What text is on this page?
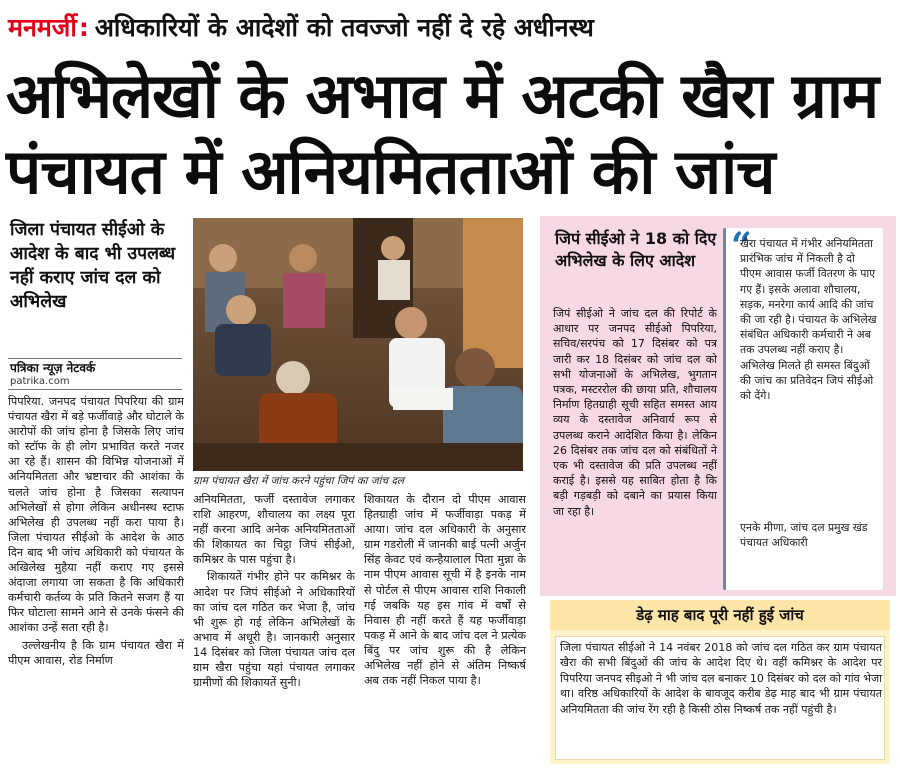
मनमर्जी: अधिकारियों के आदेशों को तवज्जो नहीं दे रहे अधीनस्थ
अभिलेखों के अभाव में अटकी खैरा ग्राम
पंचायत में अनियमितताओं की जांच
जिला पंचायत सीईओ के आदेश के बाद भी उपलब्ध नहीं कराए जांच दल को अभिलेख
पत्रिका न्यूज़ नेटवर्क
patrika.com

पिपरिया. जनपद पंचायत पिपरिया की ग्राम पंचायत खैरा में बड़े फर्जीवाड़े और घोटाले के आरोपों की जांच होना है जिसके लिए जांच को स्टॉफ के ही लोग प्रभावित करते नजर आ रहे हैं। शासन की विभिन्न योजनाओं में अनियमितता और भ्रष्टाचार की आशंका के चलते जांच होना है जिसका सत्यापन अभिलेखों से होगा लेकिन अधीनस्थ स्टाफ अभिलेख ही उपलब्ध नहीं करा पाया है। जिला पंचायत सीईओ के आदेश के आठ दिन बाद भी जांच अधिकारी को पंचायत के अखिलेख मुहैया नहीं कराए गए इससे अंदाजा लगाया जा सकता है कि अधिकारी कर्मचारी कर्तव्य के प्रति कितने सजग हैं या फिर घोटाला सामने आने से उनके फंसने की आशंका उन्हें सता रही है।

उल्लेखनीय है कि ग्राम पंचायत खैरा में पीएम आवास, रोड निर्माण

ग्राम पंचायत खैरा में जांच करने पहुंचा जिपं का जांच दल

अनियमितता, फर्जी दस्तावेज लगाकर राशि आहरण, शौचालय का लक्ष्य पूरा नहीं करना आदि अनेक अनियमितताओं की शिकायत का चिट्ठा जिपं सीईओ, कमिश्नर के पास पहुंचा है।

शिकायतें गंभीर होने पर कमिश्नर के आदेश पर जिपं सीईओ ने अधिकारियों का जांच दल गठित कर भेजा है, जांच भी शुरू हो गई लेकिन अभिलेखों के अभाव में अधूरी है। जानकारी अनुसार 14 दिसंबर को जिला पंचायत जांच दल ग्राम खैरा पहुंचा यहां पंचायत लगाकर ग्रामीणों की शिकायतें सुनी।

शिकायत के दौरान दो पीएम आवास हितग्राही जांच में फर्जीवाड़ा पकड़ में आया। जांच दल अधिकारी के अनुसार ग्राम गडरोली में जानकी बाई पत्नी अर्जुन सिंह केवट एवं कन्हैयालाल पिता मुन्ना के नाम पीएम आवास सूची में है इनके नाम से पोर्टल से पीएम आवास राशि निकाली गई जबकि यह इस गांव में वर्षों से निवास ही नहीं करते हैं यह फर्जीवाड़ा पकड़ में आने के बाद जांच दल ने प्रत्येक बिंदु पर जांच शुरू की है लेकिन अभिलेख नहीं होने से अंतिम निष्कर्ष अब तक नहीं निकल पाया है।

जिपं सीईओ ने 18 को दिए अभिलेख के लिए आदेश
जिपं सीईओ ने जांच दल की रिपोर्ट के आधार पर जनपद सीईओ पिपरिया, सचिव/सरपंच को 17 दिसंबर को पत्र जारी कर 18 दिसंबर को जांच दल को सभी योजनाओं के अभिलेख, भुगतान पत्रक, मस्टररोल की छाया प्रति, शौचालय निर्माण हितग्राही सूची सहित समस्त आय व्यय के दस्तावेज अनिवार्य रूप से उपलब्ध कराने आदेशित किया है। लेकिन 26 दिसंबर तक जांच दल को संबंधितों ने एक भी दस्तावेज की प्रति उपलब्ध नहीं कराई है। इससे यह साबित होता है कि बड़ी गड़बड़ी को दबाने का प्रयास किया जा रहा है।
“
खैरा पंचायत में गंभीर अनियमितता प्रारंभिक जांच में निकली है दो पीएम आवास फर्जी वितरण के पाए गए हैं। इसके अलावा शौचालय, सड़क, मनरेगा कार्य आदि की जांच की जा रही है। पंचायत के अभिलेख संबंधित अधिकारी कर्मचारी ने अब तक उपलब्ध नहीं कराए है। अभिलेख मिलते ही समस्त बिंदुओं की जांच का प्रतिवेदन जिपं सीईओ को देंगे।
एनके मीणा, जांच दल प्रमुख खंड पंचायत अधिकारी
डेढ़ माह बाद पूरी नहीं हुई जांच
जिला पंचायत सीईओ ने 14 नवंबर 2018 को जांच दल गठित कर ग्राम पंचायत खैरा की सभी बिंदुओं की जांच के आदेश दिए थे। वहीं कमिश्नर के आदेश पर पिपरिया जनपद सीइओ ने भी जांच दल बनाकर 10 दिसंबर को दल को गांव भेजा था। वरिष्ठ अधिकारियों के आदेश के बावजूद करीब डेढ़ माह बाद भी ग्राम पंचायत अनियमितता की जांच रेंग रही है किसी ठोस निष्कर्ष तक नहीं पहुंची है।
